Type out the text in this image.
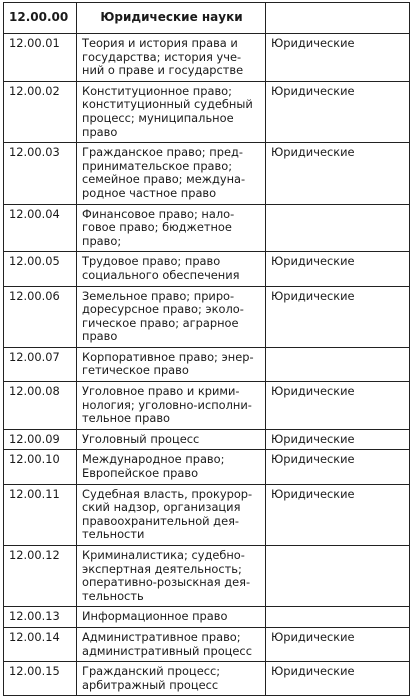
12.00.00	Юридические науки	
12.00.01	Теория и история права и
государства; история уче-
ний о праве и государстве	Юридические
12.00.02	Конституционное право;
конституционный судебный
процесс; муниципальное
право	Юридические
12.00.03	Гражданское право; пред-
принимательское право;
семейное право; междуна-
родное частное право	Юридические
12.00.04	Финансовое право; нало-
говое право; бюджетное
право;	

12.00.05	Трудовое право; право
социального обеспечения	Юридические
12.00.06	Земельное право; приро-
доресурсное право; эколо-
гическое право; аграрное
право	Юридические
12.00.07	Корпоративное право; энер-
гетическое право	

12.00.08	Уголовное право и крими-
нология; уголовно-исполни-
тельное право	Юридические
12.00.09	Уголовный процесс	Юридические
12.00.10	Международное право;
Европейское право	Юридические
12.00.11	Судебная власть, прокурор-
ский надзор, организация
правоохранительной дея-
тельности	Юридические
12.00.12	Криминалистика; судебно-
экспертная деятельность;
оперативно-розыскная дея-
тельность	

12.00.13	Информационное право	

12.00.14	Административное право;
административный процесс	Юридические
12.00.15	Гражданский процесс;
арбитражный процесс	Юридические
